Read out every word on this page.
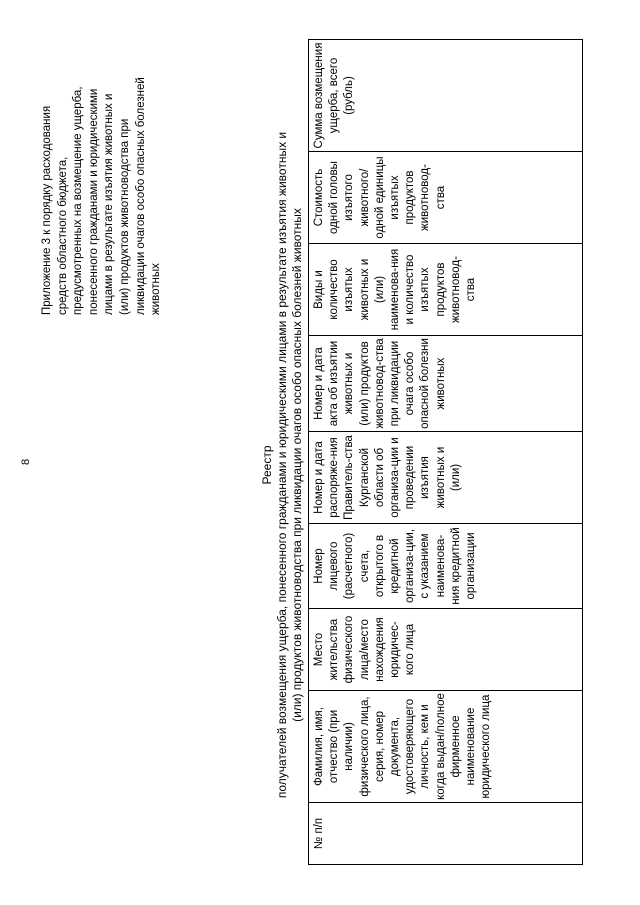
8
Приложение 3 к порядку расходования средств областного бюджета, предусмотренных на возмещение ущерба, понесенного гражданами и юридическими лицами в результате изъятия животных и (или) продуктов животноводства при ликвидации очагов особо опасных болезней животных
Реестр получателей возмещения ущерба, понесенного гражданами и юридическими лицами в результате изъятия животных и (или) продуктов животноводства при ликвидации очагов особо опасных болезней животных
№ п/п	Фамилия, имя, отчество (при наличии) физического лица, серия, номер документа, удостоверяющего личность, кем и когда выдан/полное фирменное наименование юридического лица	Место жительства физического лица/место нахождения юридичес-кого лица	Номер лицевого (расчетного) счета, открытого в кредитной организа-ции, с указанием наименова-ния кредитной организации	Номер и дата распоряже-ния Правитель-ства Курганской области об организа-ции и проведении изъятия животных и (или)	Номер и дата акта об изъятии животных и (или) продуктов животновод-ства при ликвидации очага особо опасной болезни животных	Виды и количество изъятых животных и (или) наименова-ния и количество изъятых продуктов животновод-ства	Стоимость одной головы изъятого животного/ одной единицы изъятых продуктов животновод-ства	Сумма возмещения ущерба, всего (рубль)
